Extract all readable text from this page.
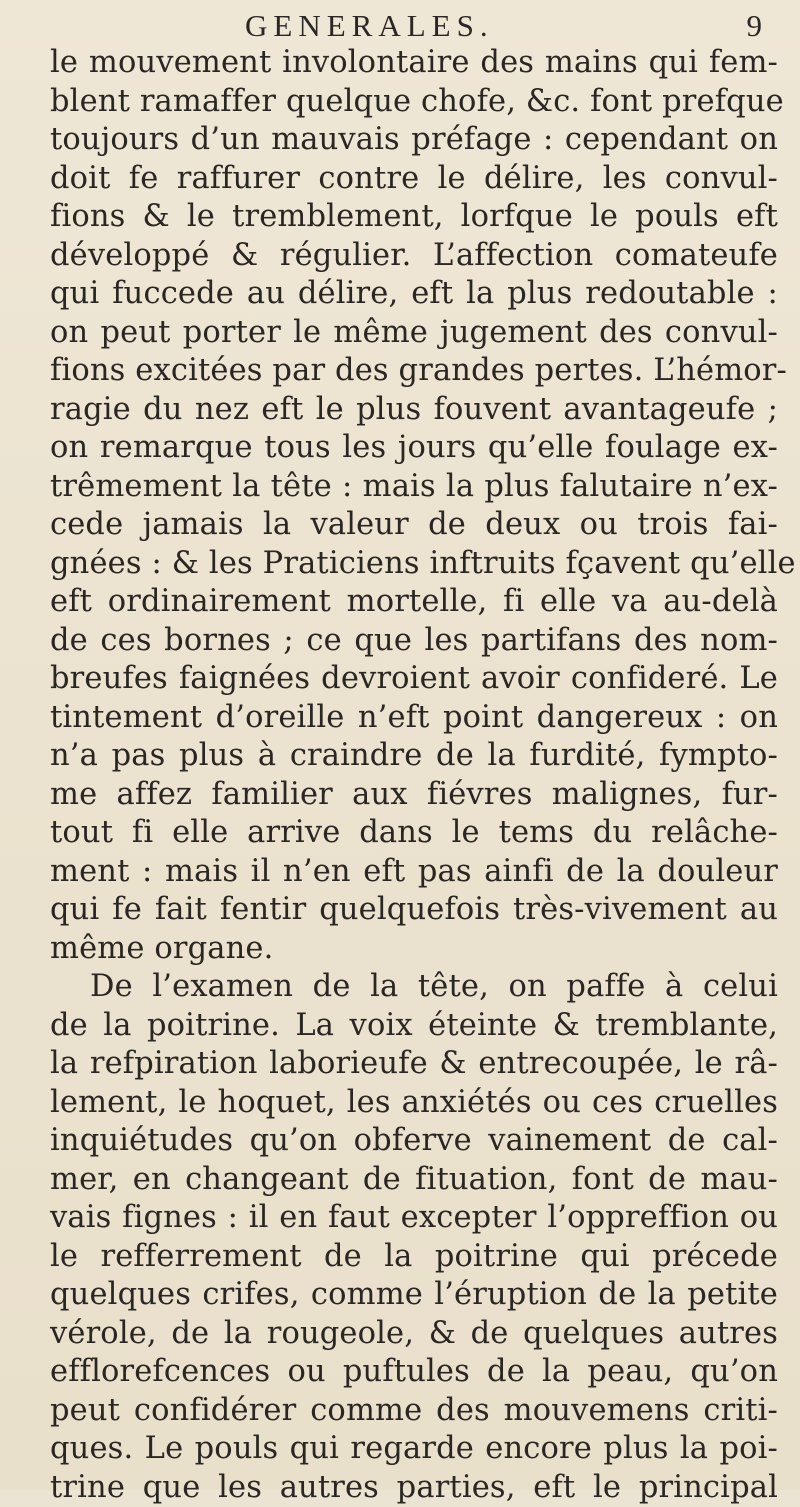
GENERALES.	9
le mouvement involontaire des mains qui fem-
blent ramaffer quelque chofe, &c. font prefque
toujours d’un mauvais préfage : cependant on
doit fe raffurer contre le délire, les convul-
fions & le tremblement, lorfque le pouls eft
développé & régulier. L’affection comateufe
qui fuccede au délire, eft la plus redoutable :
on peut porter le même jugement des convul-
fions excitées par des grandes pertes. L’hémor-
ragie du nez eft le plus fouvent avantageufe ;
on remarque tous les jours qu’elle foulage ex-
trêmement la tête : mais la plus falutaire n’ex-
cede jamais la valeur de deux ou trois fai-
gnées : & les Praticiens inftruits fçavent qu’elle
eft ordinairement mortelle, fi elle va au-delà
de ces bornes ; ce que les partifans des nom-
breufes faignées devroient avoir confideré. Le
tintement d’oreille n’eft point dangereux : on
n’a pas plus à craindre de la furdité, fympto-
me affez familier aux fiévres malignes, fur-
tout fi elle arrive dans le tems du relâche-
ment : mais il n’en eft pas ainfi de la douleur
qui fe fait fentir quelquefois très-vivement au
même organe.
De l’examen de la tête, on paffe à celui
de la poitrine. La voix éteinte & tremblante,
la refpiration laborieufe & entrecoupée, le râ-
lement, le hoquet, les anxiétés ou ces cruelles
inquiétudes qu’on obferve vainement de cal-
mer, en changeant de fituation, font de mau-
vais fignes : il en faut excepter l’oppreffion ou
le refferrement de la poitrine qui précede
quelques crifes, comme l’éruption de la petite
vérole, de la rougeole, & de quelques autres
efflorefcences ou puftules de la peau, qu’on
peut confidérer comme des mouvemens criti-
ques. Le pouls qui regarde encore plus la poi-
trine que les autres parties, eft le principal
